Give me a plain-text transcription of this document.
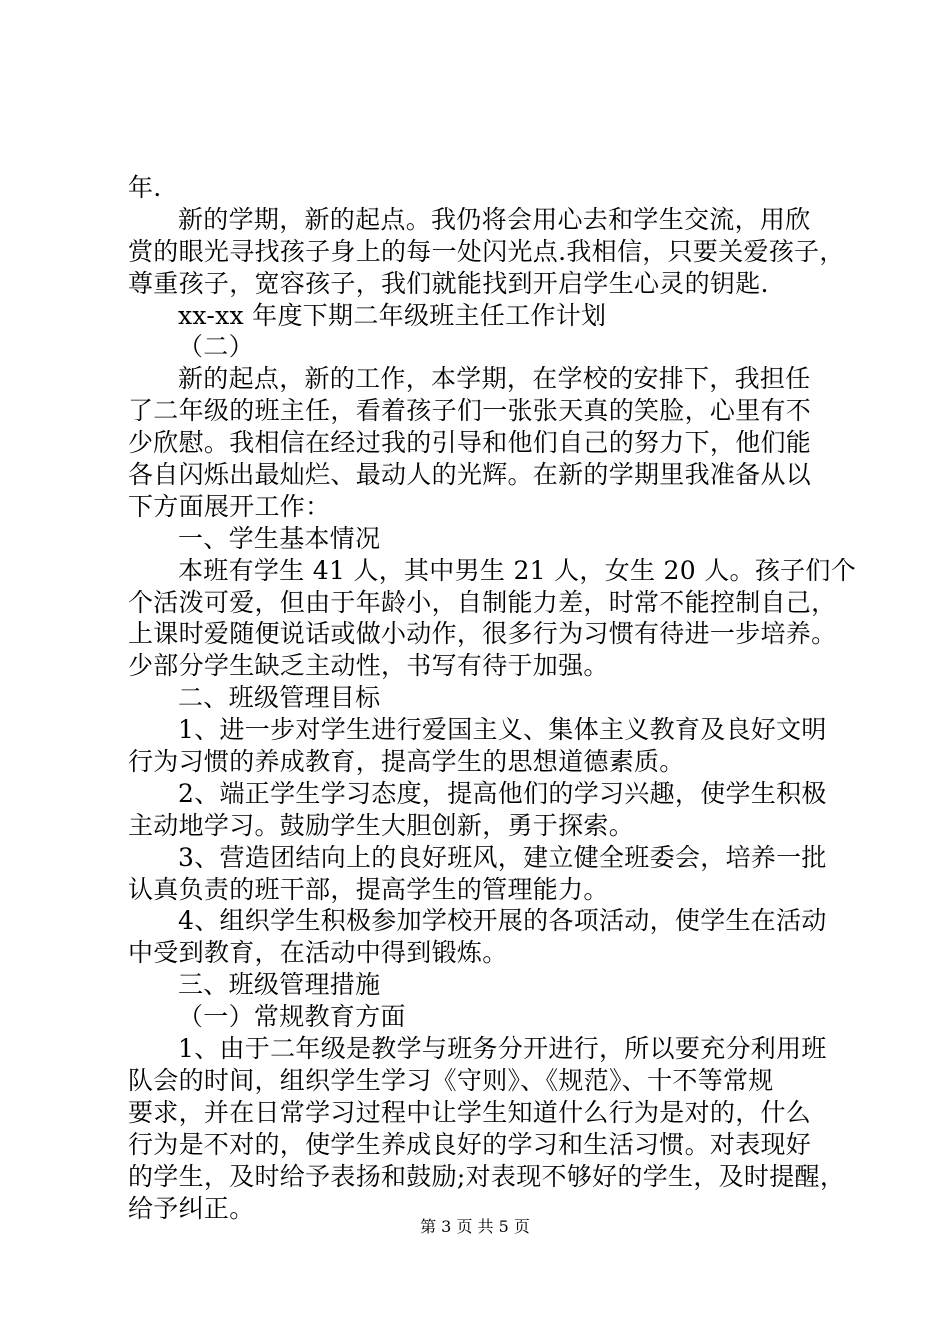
年.
新的学期，新的起点。我仍将会用心去和学生交流，用欣
赏的眼光寻找孩子身上的每一处闪光点.我相信，只要关爱孩子，
尊重孩子，宽容孩子，我们就能找到开启学生心灵的钥匙.
xx-xx 年度下期二年级班主任工作计划
（二）
新的起点，新的工作，本学期，在学校的安排下，我担任
了二年级的班主任，看着孩子们一张张天真的笑脸，心里有不
少欣慰。我相信在经过我的引导和他们自己的努力下，他们能
各自闪烁出最灿烂、最动人的光辉。在新的学期里我准备从以
下方面展开工作：
一、学生基本情况
本班有学生 41 人，其中男生 21 人，女生 20 人。孩子们个
个活泼可爱，但由于年龄小，自制能力差，时常不能控制自己，
上课时爱随便说话或做小动作，很多行为习惯有待进一步培养。
少部分学生缺乏主动性，书写有待于加强。
二、班级管理目标
1、进一步对学生进行爱国主义、集体主义教育及良好文明
行为习惯的养成教育，提高学生的思想道德素质。
2、端正学生学习态度，提高他们的学习兴趣，使学生积极
主动地学习。鼓励学生大胆创新，勇于探索。
3、营造团结向上的良好班风，建立健全班委会，培养一批
认真负责的班干部，提高学生的管理能力。
4、组织学生积极参加学校开展的各项活动，使学生在活动
中受到教育，在活动中得到锻炼。
三、班级管理措施
（一）常规教育方面
1、由于二年级是教学与班务分开进行，所以要充分利用班
队会的时间，组织学生学习《守则》、《规范》、十不等常规
要求，并在日常学习过程中让学生知道什么行为是对的，什么
行为是不对的，使学生养成良好的学习和生活习惯。对表现好
的学生，及时给予表扬和鼓励;对表现不够好的学生，及时提醒，
给予纠正。
第 3 页 共 5 页
